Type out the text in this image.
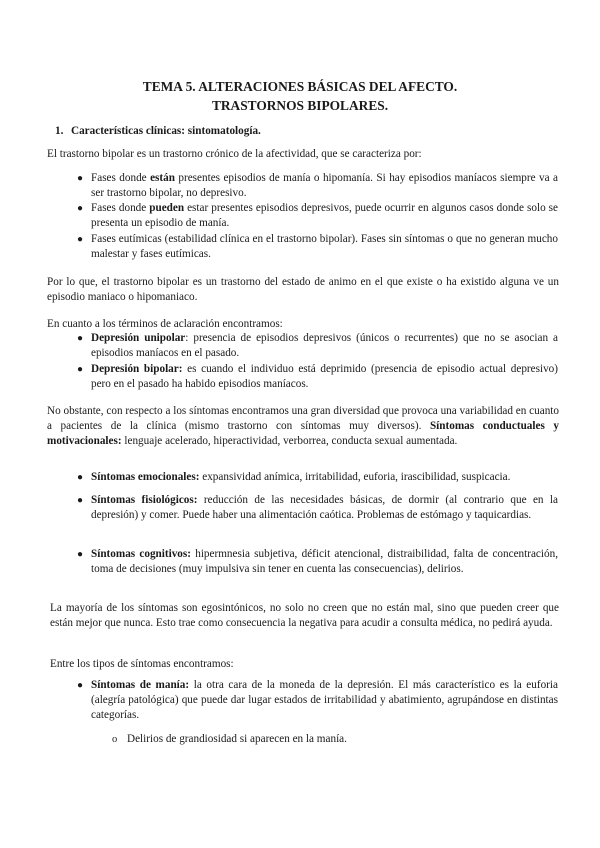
TEMA 5. ALTERACIONES BÁSICAS DEL AFECTO.
TRASTORNOS BIPOLARES.
1. Características clínicas: sintomatología.
El trastorno bipolar es un trastorno crónico de la afectividad, que se caracteriza por:
● Fases donde están presentes episodios de manía o hipomanía. Si hay episodios maníacos siempre va a ser trastorno bipolar, no depresivo.
● Fases donde pueden estar presentes episodios depresivos, puede ocurrir en algunos casos donde solo se presenta un episodio de manía.
● Fases eutímicas (estabilidad clínica en el trastorno bipolar). Fases sin síntomas o que no generan mucho malestar y fases eutímicas.
Por lo que, el trastorno bipolar es un trastorno del estado de animo en el que existe o ha existido alguna ve un episodio maniaco o hipomaniaco.
En cuanto a los términos de aclaración encontramos:
● Depresión unipolar: presencia de episodios depresivos (únicos o recurrentes) que no se asocian a episodios maníacos en el pasado.
● Depresión bipolar: es cuando el individuo está deprimido (presencia de episodio actual depresivo) pero en el pasado ha habido episodios maníacos.
No obstante, con respecto a los síntomas encontramos una gran diversidad que provoca una variabilidad en cuanto a pacientes de la clínica (mismo trastorno con síntomas muy diversos). Síntomas conductuales y motivacionales: lenguaje acelerado, hiperactividad, verborrea, conducta sexual aumentada.
● Síntomas emocionales: expansividad anímica, irritabilidad, euforia, irascibilidad, suspicacia.
● Síntomas fisiológicos: reducción de las necesidades básicas, de dormir (al contrario que en la depresión) y comer. Puede haber una alimentación caótica. Problemas de estómago y taquicardias.
● Síntomas cognitivos: hipermnesia subjetiva, déficit atencional, distraibilidad, falta de concentración, toma de decisiones (muy impulsiva sin tener en cuenta las consecuencias), delirios.
La mayoría de los síntomas son egosintónicos, no solo no creen que no están mal, sino que pueden creer que están mejor que nunca. Esto trae como consecuencia la negativa para acudir a consulta médica, no pedirá ayuda.
Entre los tipos de síntomas encontramos:
● Síntomas de manía: la otra cara de la moneda de la depresión. El más característico es la euforia (alegría patológica) que puede dar lugar estados de irritabilidad y abatimiento, agrupándose en distintas categorías.
o Delirios de grandiosidad si aparecen en la manía.
